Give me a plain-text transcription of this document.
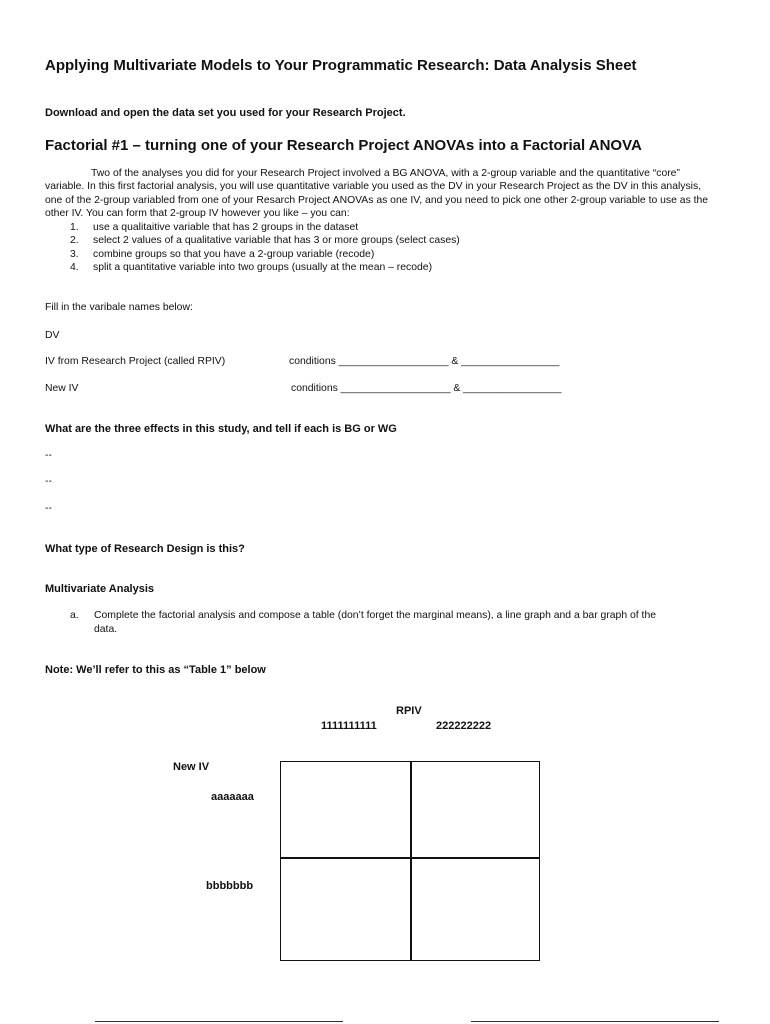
Applying Multivariate Models to Your Programmatic Research: Data Analysis Sheet
Download and open the data set you used for your Research Project.
Factorial #1 – turning one of your Research Project ANOVAs into a Factorial ANOVA
Two of the analyses you did for your Research Project involved a BG ANOVA, with a 2-group variable and the quantitative “core” variable. In this first factorial analysis, you will use quantitative variable you used as the DV in your Research Project as the DV in this analysis, one of the 2-group variabled from one of your Resarch Project ANOVAs as one IV, and you need to pick one other 2-group variable to use as the other IV. You can form that 2-group IV however you like – you can:
1. use a qualitaitive variable that has 2 groups in the dataset
2. select 2 values of a qualitative variable that has 3 or more groups (select cases)
3. combine groups so that you have a 2-group variable (recode)
4. split a quantitative variable into two groups (usually at the mean – recode)
Fill in the varibale names below:
DV
IV from Research Project (called RPIV)	conditions ___________________ & _________________
New IV	conditions ___________________ & _________________
What are the three effects in this study, and tell if each is BG or WG
--
--
--
What type of Research Design is this?
Multivariate Analysis
a. Complete the factorial analysis and compose a table (don’t forget the marginal means), a line graph and a bar graph of the
data.
Note: We’ll refer to this as “Table 1” below
RPIV
1111111111	222222222
New IV
aaaaaaa
bbbbbbb
